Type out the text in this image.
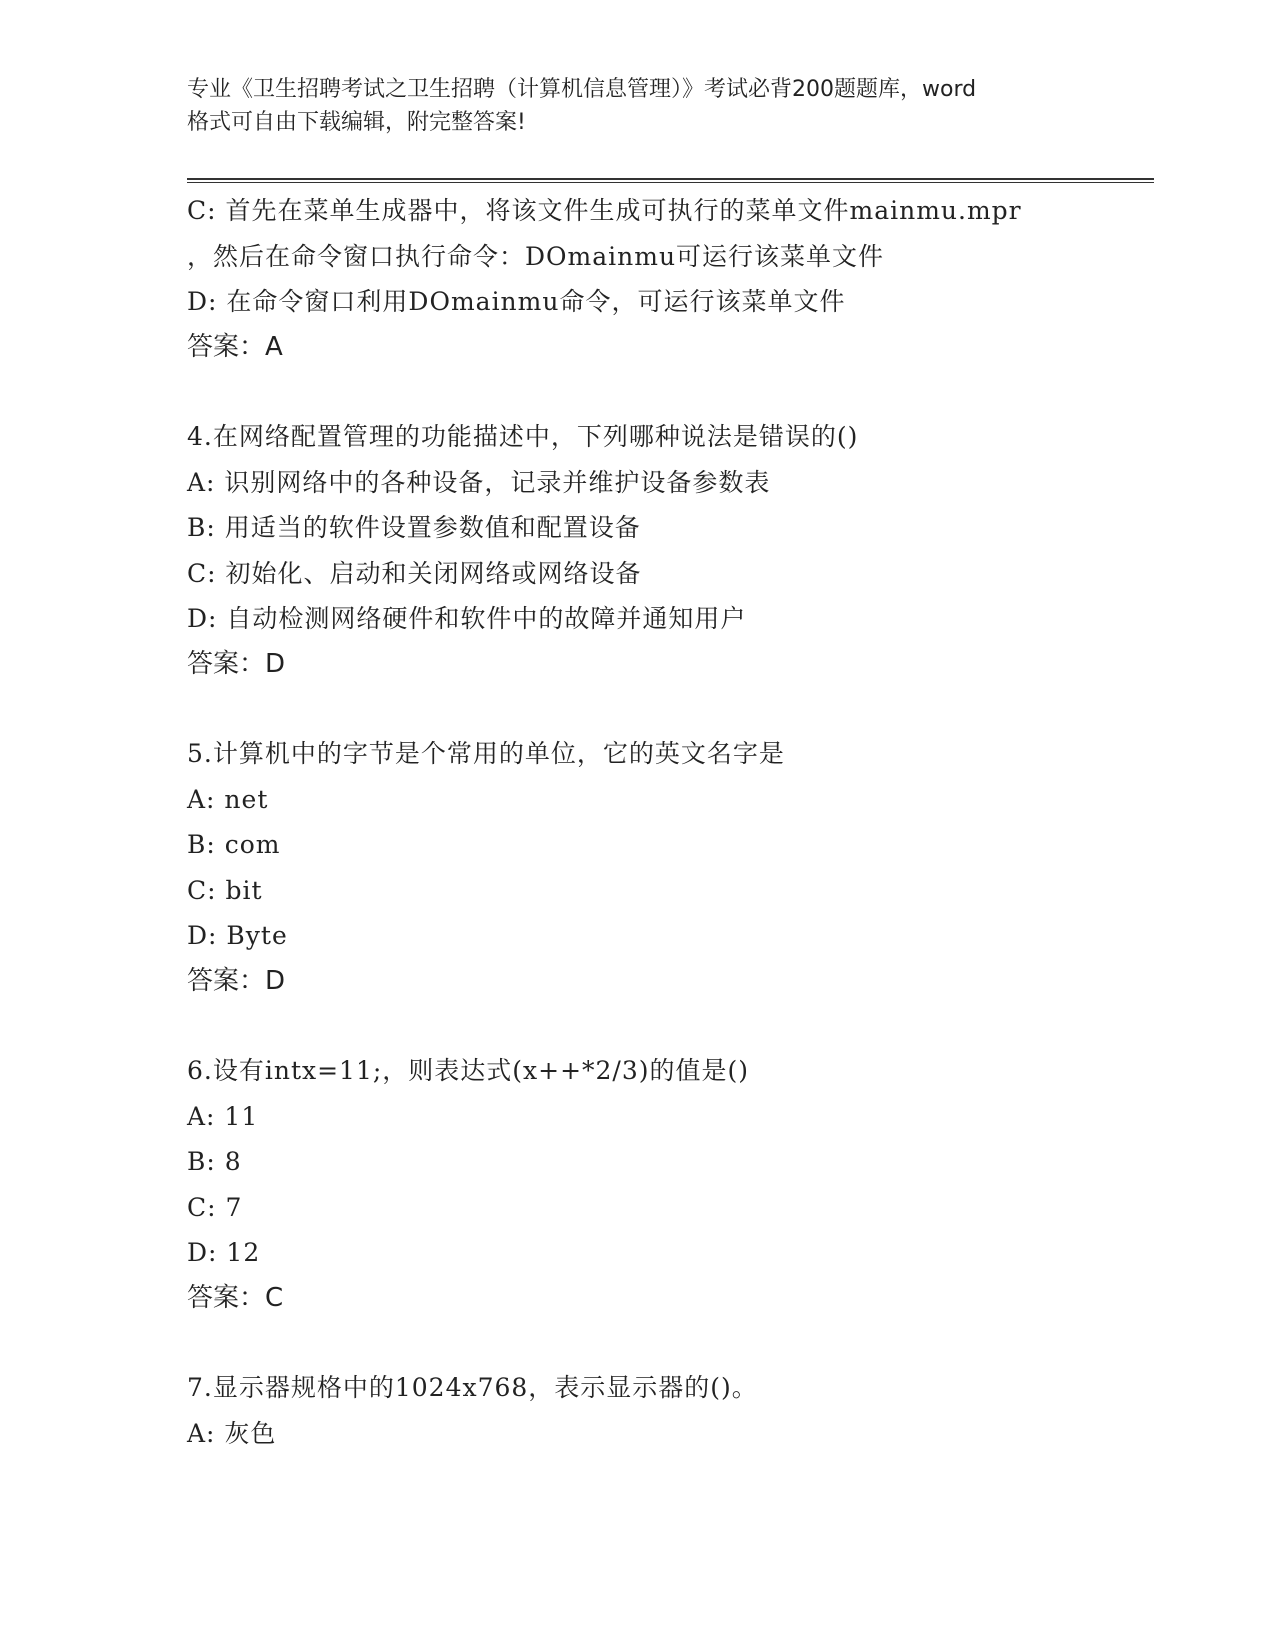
专业《卫生招聘考试之卫生招聘（计算机信息管理）》考试必背200题题库，word
格式可自由下载编辑，附完整答案!
C: 首先在菜单生成器中，将该文件生成可执行的菜单文件mainmu.mpr
，然后在命令窗口执行命令：DOmainmu可运行该菜单文件
D: 在命令窗口利用DOmainmu命令，可运行该菜单文件
答案：A
4.在网络配置管理的功能描述中，下列哪种说法是错误的()
A: 识别网络中的各种设备，记录并维护设备参数表
B: 用适当的软件设置参数值和配置设备
C: 初始化、启动和关闭网络或网络设备
D: 自动检测网络硬件和软件中的故障并通知用户
答案：D
5.计算机中的字节是个常用的单位，它的英文名字是
A: net
B: com
C: bit
D: Byte
答案：D
6.设有intx=11;，则表达式(x++*2/3)的值是()
A: 11
B: 8
C: 7
D: 12
答案：C
7.显示器规格中的1024x768，表示显示器的()。
A: 灰色
